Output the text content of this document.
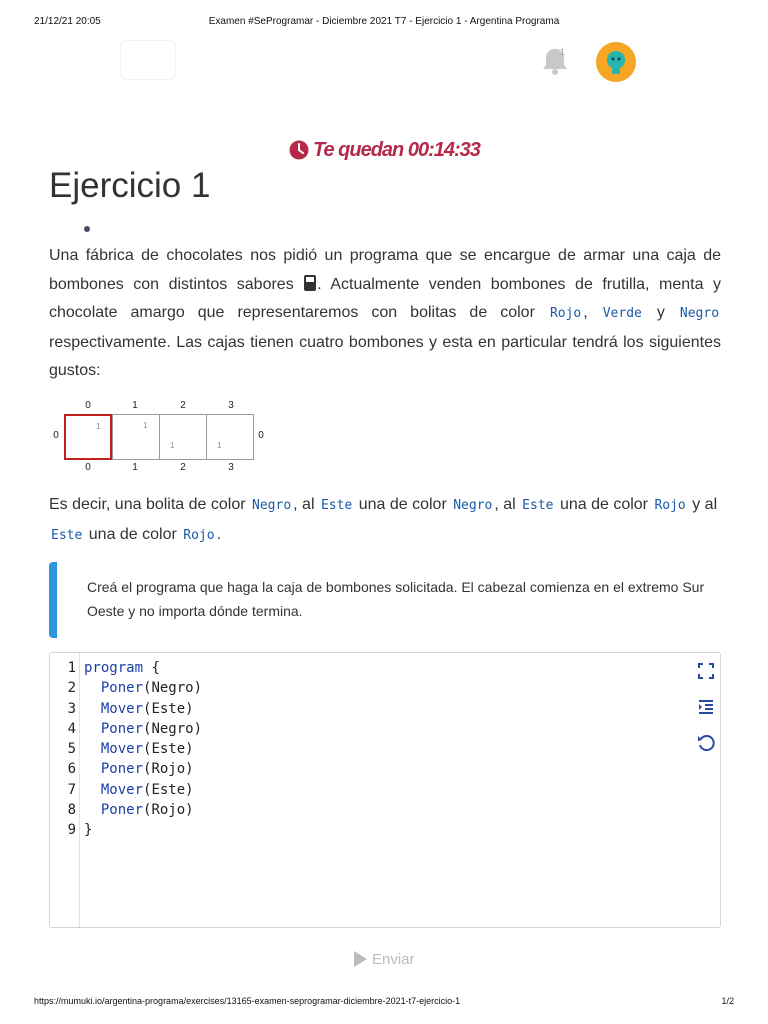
21/12/21 20:05	Examen #SeProgramar - Diciembre 2021 T7 - Ejercicio 1 - Argentina Programa
1
Te quedan 00:14:33
Ejercicio 1

Una fábrica de chocolates nos pidió un programa que se encargue de armar una caja de bombones con distintos sabores . Actualmente venden bombones de frutilla, menta y chocolate amargo que representaremos con bolitas de color Rojo , Verde y Negro respectivamente. Las cajas tienen cuatro bombones y esta en particular tendrá los siguientes gustos:

0	1	2	3
0	0
1	1
1	1
0	1	2	3

Es decir, una bolita de color Negro , al Este una de color Negro , al Este una de color Rojo y al Este una de color Rojo .

Creá el programa que haga la caja de bombones solicitada. El cabezal comienza en el extremo Sur Oeste y no importa dónde termina.

1
2
3
4
5
6
7
8
9
program {
Poner(Negro)
Mover(Este)
Poner(Negro)
Mover(Este)
Poner(Rojo)
Mover(Este)
Poner(Rojo)
}
Enviar
https://mumuki.io/argentina-programa/exercises/13165-examen-seprogramar-diciembre-2021-t7-ejercicio-1	1/2
